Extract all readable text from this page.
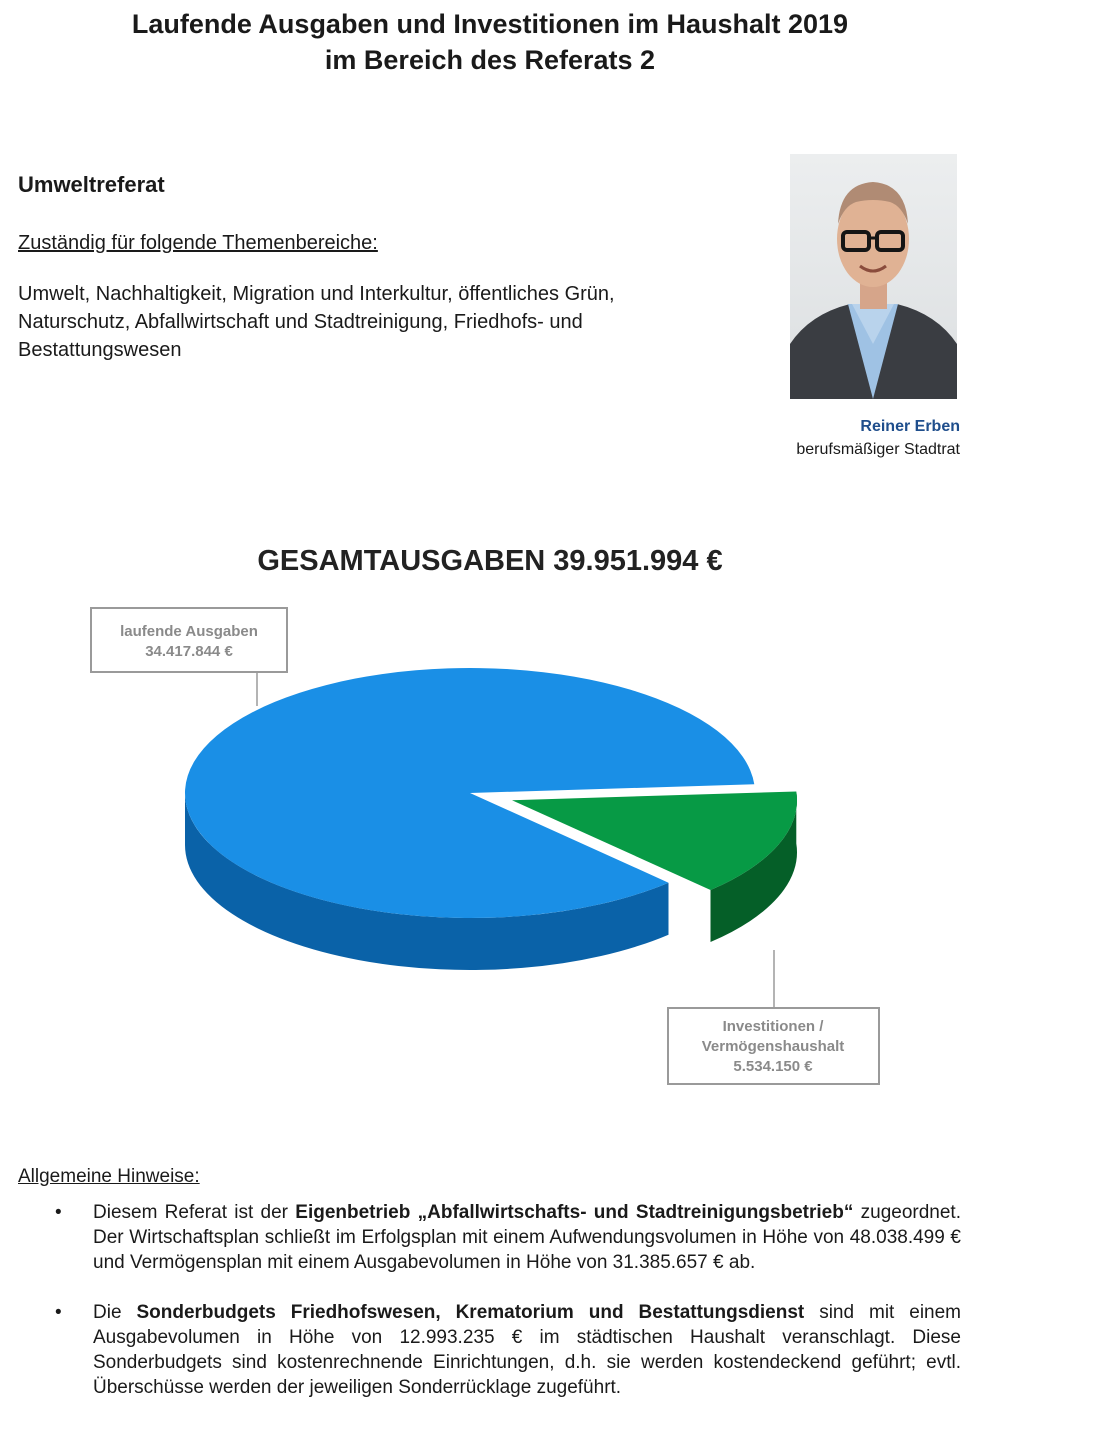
Laufende Ausgaben und Investitionen im Haushalt 2019
im Bereich des Referats 2
Umweltreferat
Zuständig für folgende Themenbereiche:
Umwelt, Nachhaltigkeit, Migration und Interkultur, öffentliches Grün,
Naturschutz, Abfallwirtschaft und Stadtreinigung, Friedhofs- und
Bestattungswesen
Reiner Erben
berufsmäßiger Stadtrat
GESAMTAUSGABEN 39.951.994 €
laufende Ausgaben
34.417.844 €
Investitionen /
Vermögenshaushalt
5.534.150 €
Allgemeine Hinweise:
• Diesem Referat ist der Eigenbetrieb „Abfallwirtschafts- und Stadtreinigungsbetrieb“ zugeordnet. Der Wirtschaftsplan schließt im Erfolgsplan mit einem Aufwendungsvolumen in Höhe von 48.038.499 € und Vermögensplan mit einem Ausgabevolumen in Höhe von 31.385.657 € ab.
• Die Sonderbudgets Friedhofswesen, Krematorium und Bestattungsdienst sind mit einem Ausgabevolumen in Höhe von 12.993.235 € im städtischen Haushalt veranschlagt. Diese Sonderbudgets sind kostenrechnende Einrichtungen, d.h. sie werden kostendeckend geführt; evtl. Überschüsse werden der jeweiligen Sonderrücklage zugeführt.
